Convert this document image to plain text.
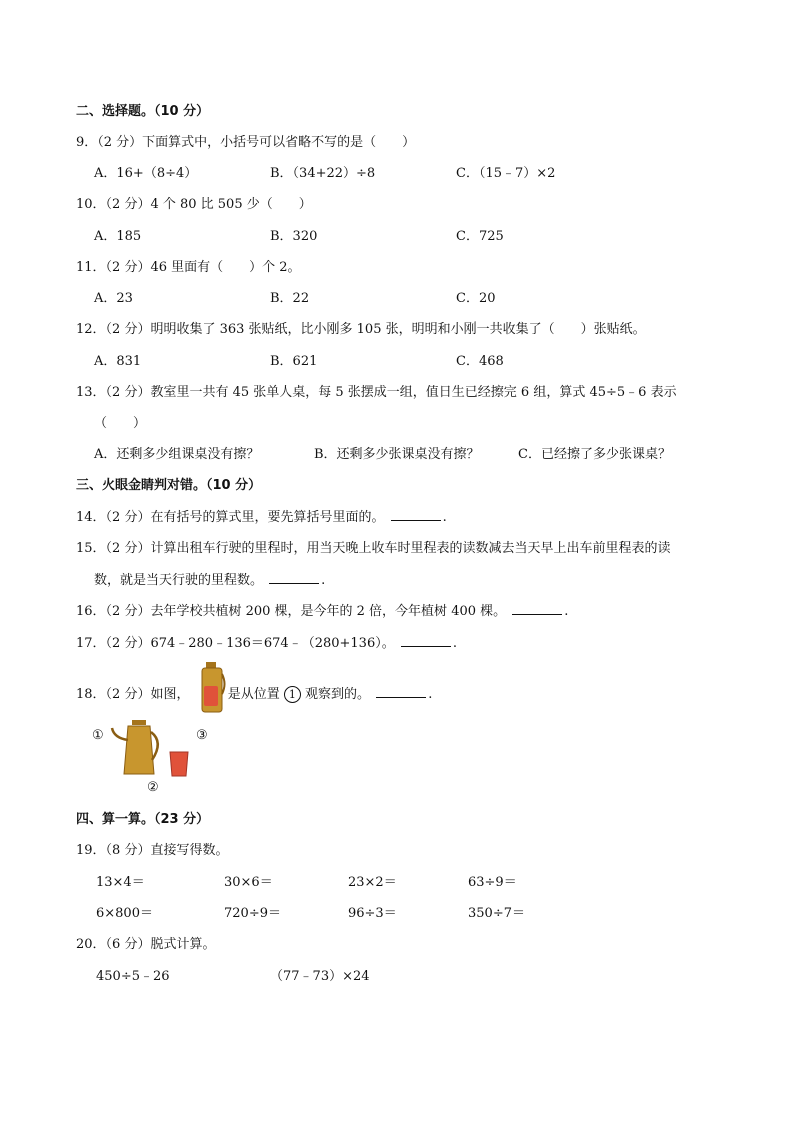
二、选择题。（10 分）
9．（2 分）下面算式中，小括号可以省略不写的是（　　）
A．16+（8÷4）	B．（34+22）÷8	C．（15﹣7）×2
10．（2 分）4 个 80 比 505 少（　　）
A．185	B．320	C．725
11．（2 分）46 里面有（　　）个 2。
A．23	B．22	C．20
12．（2 分）明明收集了 363 张贴纸，比小刚多 105 张，明明和小刚一共收集了（　　）张贴纸。
A．831	B．621	C．468
13．（2 分）教室里一共有 45 张单人桌，每 5 张摆成一组，值日生已经擦完 6 组，算式 45÷5﹣6 表示
（　　）
A．还剩多少组课桌没有擦？	B．还剩多少张课桌没有擦？	C．已经擦了多少张课桌？
三、火眼金睛判对错。（10 分）
14．（2 分）在有括号的算式里，要先算括号里面的。	.
15．（2 分）计算出租车行驶的里程时，用当天晚上收车时里程表的读数减去当天早上出车前里程表的读
数，就是当天行驶的里程数。	.
16．（2 分）去年学校共植树 200 棵，是今年的 2 倍，今年植树 400 棵。	.
17．（2 分）674﹣280﹣136＝674﹣（280+136）。	.
18．（2 分）如图，	是从位置 1 观察到的。	.
①
②
③
四、算一算。（23 分）
19．（8 分）直接写得数。
13×4＝	30×6＝	23×2＝	63÷9＝
6×800＝	720÷9＝	96÷3＝	350÷7＝
20．（6 分）脱式计算。
450÷5﹣26	（77﹣73）×24
